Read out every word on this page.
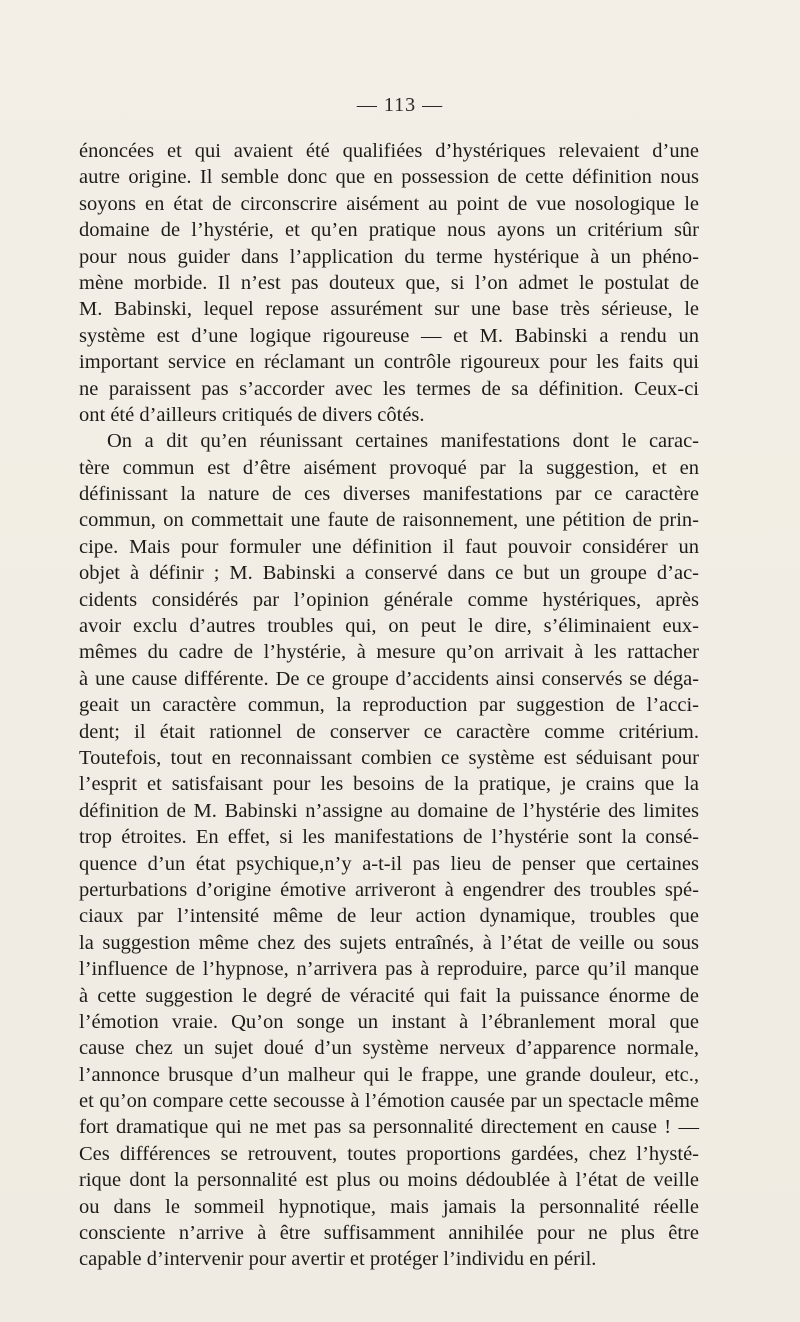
— 113 —
énoncées et qui avaient été qualifiées d’hystériques relevaient d’une
autre origine. Il semble donc que en possession de cette définition nous
soyons en état de circonscrire aisément au point de vue nosologique le
domaine de l’hystérie, et qu’en pratique nous ayons un critérium sûr
pour nous guider dans l’application du terme hystérique à un phéno-
mène morbide. Il n’est pas douteux que, si l’on admet le postulat de
M. Babinski, lequel repose assurément sur une base très sérieuse, le
système est d’une logique rigoureuse — et M. Babinski a rendu un
important service en réclamant un contrôle rigoureux pour les faits qui
ne paraissent pas s’accorder avec les termes de sa définition. Ceux-ci
ont été d’ailleurs critiqués de divers côtés.
On a dit qu’en réunissant certaines manifestations dont le carac-
tère commun est d’être aisément provoqué par la suggestion, et en
définissant la nature de ces diverses manifestations par ce caractère
commun, on commettait une faute de raisonnement, une pétition de prin-
cipe. Mais pour formuler une définition il faut pouvoir considérer un
objet à définir ; M. Babinski a conservé dans ce but un groupe d’ac-
cidents considérés par l’opinion générale comme hystériques, après
avoir exclu d’autres troubles qui, on peut le dire, s’éliminaient eux-
mêmes du cadre de l’hystérie, à mesure qu’on arrivait à les rattacher
à une cause différente. De ce groupe d’accidents ainsi conservés se déga-
geait un caractère commun, la reproduction par suggestion de l’acci-
dent; il était rationnel de conserver ce caractère comme critérium.
Toutefois, tout en reconnaissant combien ce système est séduisant pour
l’esprit et satisfaisant pour les besoins de la pratique, je crains que la
définition de M. Babinski n’assigne au domaine de l’hystérie des limites
trop étroites. En effet, si les manifestations de l’hystérie sont la consé-
quence d’un état psychique,n’y a-t-il pas lieu de penser que certaines
perturbations d’origine émotive arriveront à engendrer des troubles spé-
ciaux par l’intensité même de leur action dynamique, troubles que
la suggestion même chez des sujets entraînés, à l’état de veille ou sous
l’influence de l’hypnose, n’arrivera pas à reproduire, parce qu’il manque
à cette suggestion le degré de véracité qui fait la puissance énorme de
l’émotion vraie. Qu’on songe un instant à l’ébranlement moral que
cause chez un sujet doué d’un système nerveux d’apparence normale,
l’annonce brusque d’un malheur qui le frappe, une grande douleur, etc.,
et qu’on compare cette secousse à l’émotion causée par un spectacle même
fort dramatique qui ne met pas sa personnalité directement en cause ! —
Ces différences se retrouvent, toutes proportions gardées, chez l’hysté-
rique dont la personnalité est plus ou moins dédoublée à l’état de veille
ou dans le sommeil hypnotique, mais jamais la personnalité réelle
consciente n’arrive à être suffisamment annihilée pour ne plus être
capable d’intervenir pour avertir et protéger l’individu en péril.
